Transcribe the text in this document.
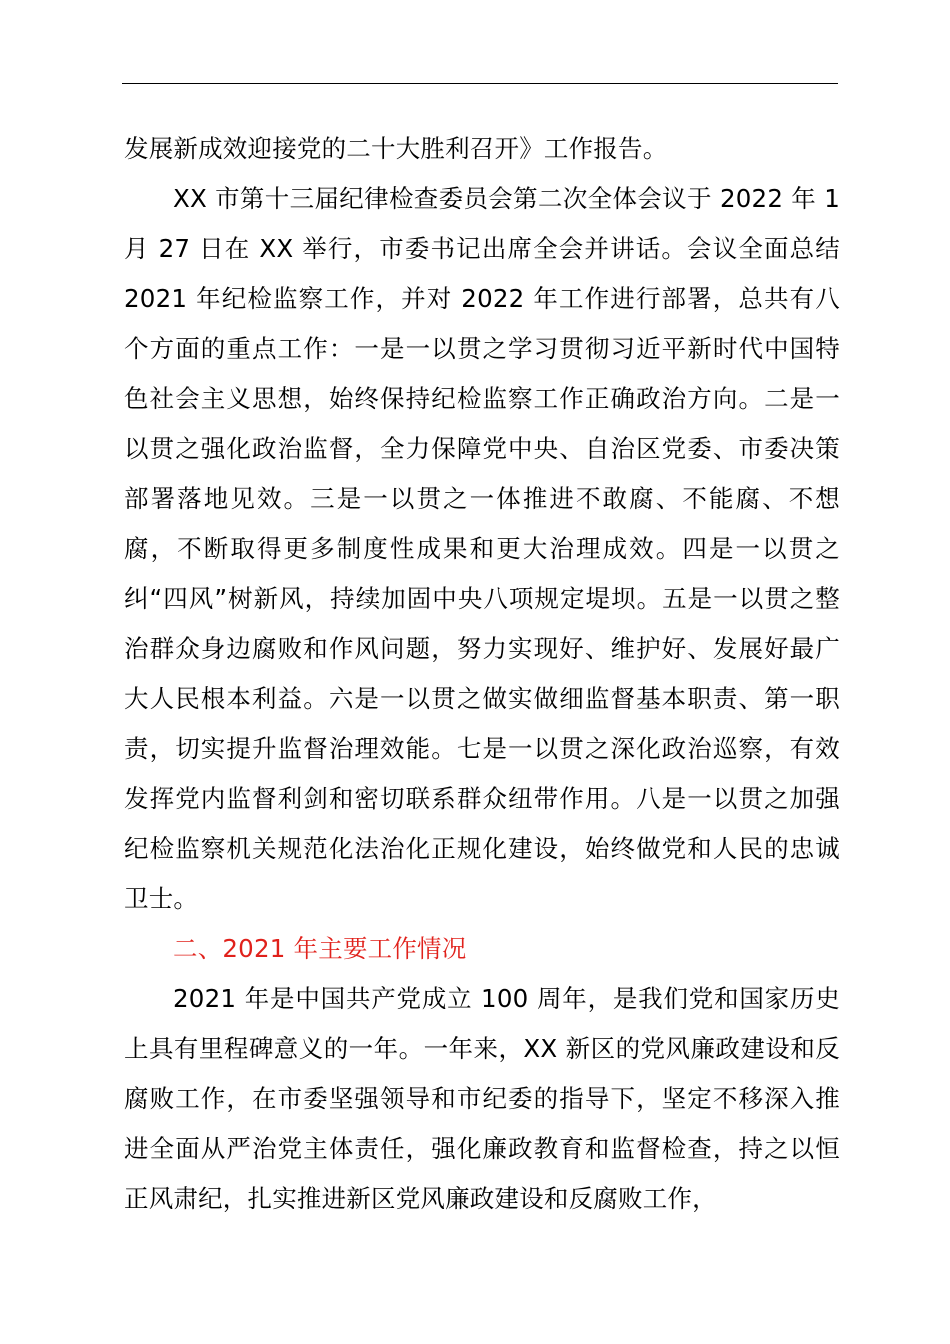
发展新成效迎接党的二十大胜利召开》工作报告。

XX 市第十三届纪律检查委员会第二次全体会议于 2022 年 1 月 27 日在 XX 举行，市委书记出席全会并讲话。会议全面总结 2021 年纪检监察工作，并对 2022 年工作进行部署，总共有八个方面的重点工作：一是一以贯之学习贯彻习近平新时代中国特色社会主义思想，始终保持纪检监察工作正确政治方向。二是一以贯之强化政治监督，全力保障党中央、自治区党委、市委决策部署落地见效。三是一以贯之一体推进不敢腐、不能腐、不想腐，不断取得更多制度性成果和更大治理成效。四是一以贯之纠“四风”树新风，持续加固中央八项规定堤坝。五是一以贯之整治群众身边腐败和作风问题，努力实现好、维护好、发展好最广大人民根本利益。六是一以贯之做实做细监督基本职责、第一职责，切实提升监督治理效能。七是一以贯之深化政治巡察，有效发挥党内监督利剑和密切联系群众纽带作用。八是一以贯之加强纪检监察机关规范化法治化正规化建设，始终做党和人民的忠诚卫士。

二、2021 年主要工作情况

2021 年是中国共产党成立 100 周年，是我们党和国家历史上具有里程碑意义的一年。一年来，XX 新区的党风廉政建设和反腐败工作，在市委坚强领导和市纪委的指导下，坚定不移深入推进全面从严治党主体责任，强化廉政教育和监督检查，持之以恒正风肃纪，扎实推进新区党风廉政建设和反腐败工作，
